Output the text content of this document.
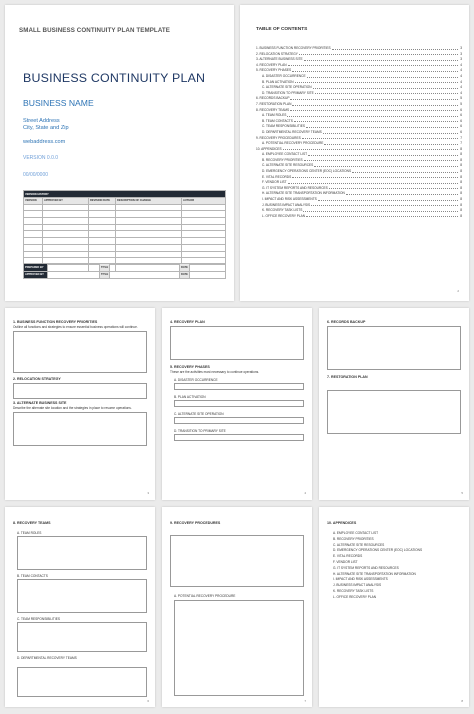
SMALL BUSINESS CONTINUITY PLAN TEMPLATE
BUSINESS CONTINUITY PLAN
BUSINESS NAME
Street Address
City, State and Zip
webaddress.com
VERSION 0.0.0
00/00/0000
VERSION HISTORY				
VERSION	APPROVED BY	REVISION DATE	DESCRIPTION OF CHANGE	AUTHOR

PREPARED BY		TITLE		DATE	
APPROVED BY		TITLE		DATE	
TABLE OF CONTENTS
1. BUSINESS FUNCTION RECOVERY PRIORITIES	3
2. RELOCATION STRATEGY	3
3. ALTERNATE BUSINESS SITE	3
4. RECOVERY PLAN	4
5. RECOVERY PHASES	4
A. DISASTER OCCURRENCE	4
B. PLAN ACTIVATION	4
C. ALTERNATE SITE OPERATION	4
D. TRANSITION TO PRIMARY SITE	4
6. RECORDS BACKUP	5
7. RESTORATION PLAN	5
8. RECOVERY TEAMS	6
A. TEAM ROLES	6
B. TEAM CONTACTS	6
C. TEAM RESPONSIBILITIES	6
D. DEPARTMENTAL RECOVERY TEAMS	6
9. RECOVERY PROCEDURES	7
A. POTENTIAL RECOVERY PROCEDURE	7
10. APPENDICES	8
A. EMPLOYEE CONTACT LIST	8
B. RECOVERY PRIORITIES	8
C. ALTERNATE SITE RESOURCES	8
D. EMERGENCY OPERATIONS CENTER (EOC) LOCATIONS	8
E. VITAL RECORDS	8
F. VENDOR LIST	8
G. IT SYSTEM REPORTS AND RESOURCES	8
H. ALTERNATE SITE TRANSPORTATION INFORMATION	8
I. IMPACT AND RISK ASSESSMENTS	8
J. BUSINESS IMPACT ANALYSIS	8
K. RECOVERY TASK LISTS	8
L. OFFICE RECOVERY PLAN	8
2
1. BUSINESS FUNCTION RECOVERY PRIORITIES
Outline all functions and strategies to ensure essential business operations will continue.
2. RELOCATION STRATEGY
3. ALTERNATE BUSINESS SITE
Describe the alternate site location and the strategies in place to resume operations.
3
4. RECOVERY PLAN
5. RECOVERY PHASES
These are the activities most necessary to continue operations.
A. DISASTER OCCURRENCE
B. PLAN ACTIVATION
C. ALTERNATE SITE OPERATION
D. TRANSITION TO PRIMARY SITE
4
6. RECORDS BACKUP
7. RESTORATION PLAN
5
8. RECOVERY TEAMS
A. TEAM ROLES
B. TEAM CONTACTS
C. TEAM RESPONSIBILITIES
D. DEPARTMENTAL RECOVERY TEAMS
6
9. RECOVERY PROCEDURES
A. POTENTIAL RECOVERY PROCEDURE
7
10. APPENDICES
A. EMPLOYEE CONTACT LIST
B. RECOVERY PRIORITIES
C. ALTERNATE SITE RESOURCES
D. EMERGENCY OPERATIONS CENTER (EOC) LOCATIONS
E. VITAL RECORDS
F. VENDOR LIST
G. IT SYSTEM REPORTS AND RESOURCES
H. ALTERNATE SITE TRANSPORTATION INFORMATION
I. IMPACT AND RISK ASSESSMENTS
J. BUSINESS IMPACT ANALYSIS
K. RECOVERY TASK LISTS
L. OFFICE RECOVERY PLAN
8
